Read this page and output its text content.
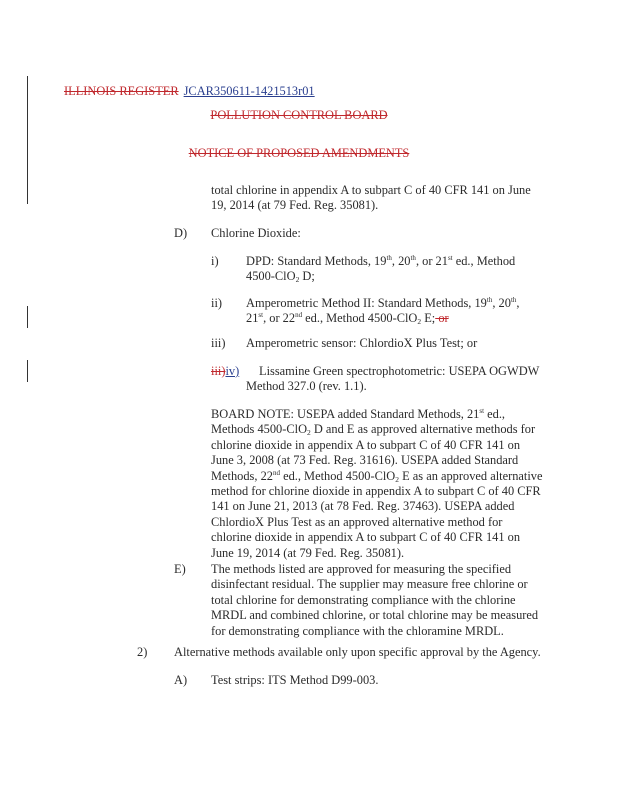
ILLINOIS REGISTER JCAR350611-1421513r01
POLLUTION CONTROL BOARD
NOTICE OF PROPOSED AMENDMENTS
total chlorine in appendix A to subpart C of 40 CFR 141 on June 19, 2014 (at 79 Fed. Reg. 35081).
D) Chlorine Dioxide:
i) DPD: Standard Methods, 19th, 20th, or 21st ed., Method
4500-ClO$_2$ D;
ii) Amperometric Method II: Standard Methods, 19th, 20th,
21st, or 22nd ed., Method 4500-ClO$_2$ E; or
iii) Amperometric sensor: ChlordioX Plus Test; or
iii)iv) Lissamine Green spectrophotometric: USEPA OGWDW
Method 327.0 (rev. 1.1).
BOARD NOTE: USEPA added Standard Methods, 21st ed.,
Methods 4500-ClO$_2$ D and E as approved alternative methods for
chlorine dioxide in appendix A to subpart C of 40 CFR 141 on
June 3, 2008 (at 73 Fed. Reg. 31616). USEPA added Standard
Methods, 22nd ed., Method 4500-ClO$_2$ E as an approved alternative
method for chlorine dioxide in appendix A to subpart C of 40 CFR
141 on June 21, 2013 (at 78 Fed. Reg. 37463). USEPA added
ChlordioX Plus Test as an approved alternative method for
chlorine dioxide in appendix A to subpart C of 40 CFR 141 on
June 19, 2014 (at 79 Fed. Reg. 35081).
E) The methods listed are approved for measuring the specified
disinfectant residual. The supplier may measure free chlorine or
total chlorine for demonstrating compliance with the chlorine
MRDL and combined chlorine, or total chlorine may be measured
for demonstrating compliance with the chloramine MRDL.
2) Alternative methods available only upon specific approval by the Agency.
A) Test strips: ITS Method D99-003.
